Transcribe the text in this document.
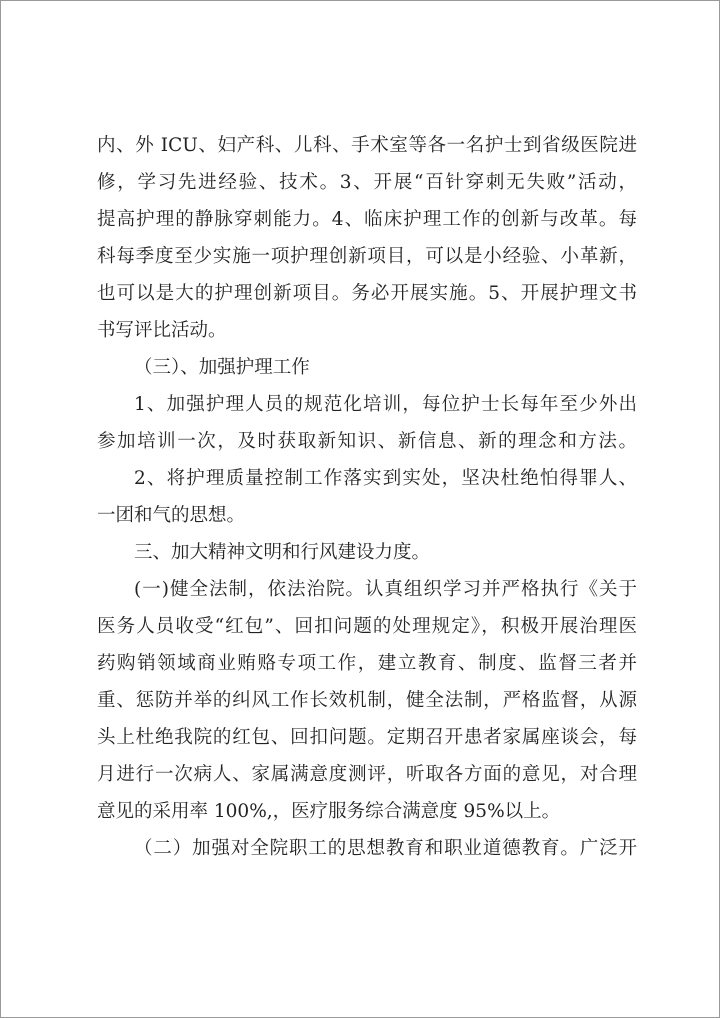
内、外 ICU、妇产科、儿科、手术室等各一名护士到省级医院进
修，学习先进经验、技术。3、开展“百针穿刺无失败”活动，
提高护理的静脉穿刺能力。4、临床护理工作的创新与改革。每
科每季度至少实施一项护理创新项目，可以是小经验、小革新，
也可以是大的护理创新项目。务必开展实施。5、开展护理文书
书写评比活动。
（三）、加强护理工作
1、加强护理人员的规范化培训，每位护士长每年至少外出
参加培训一次，及时获取新知识、新信息、新的理念和方法。
2、将护理质量控制工作落实到实处，坚决杜绝怕得罪人、
一团和气的思想。
三、加大精神文明和行风建设力度。
(一)健全法制，依法治院。认真组织学习并严格执行《关于
医务人员收受“红包”、回扣问题的处理规定》，积极开展治理医
药购销领域商业贿赂专项工作，建立教育、制度、监督三者并
重、惩防并举的纠风工作长效机制，健全法制，严格监督，从源
头上杜绝我院的红包、回扣问题。定期召开患者家属座谈会，每
月进行一次病人、家属满意度测评，听取各方面的意见，对合理
意见的采用率 100%,，医疗服务综合满意度 95%以上。
（二）加强对全院职工的思想教育和职业道德教育。广泛开
